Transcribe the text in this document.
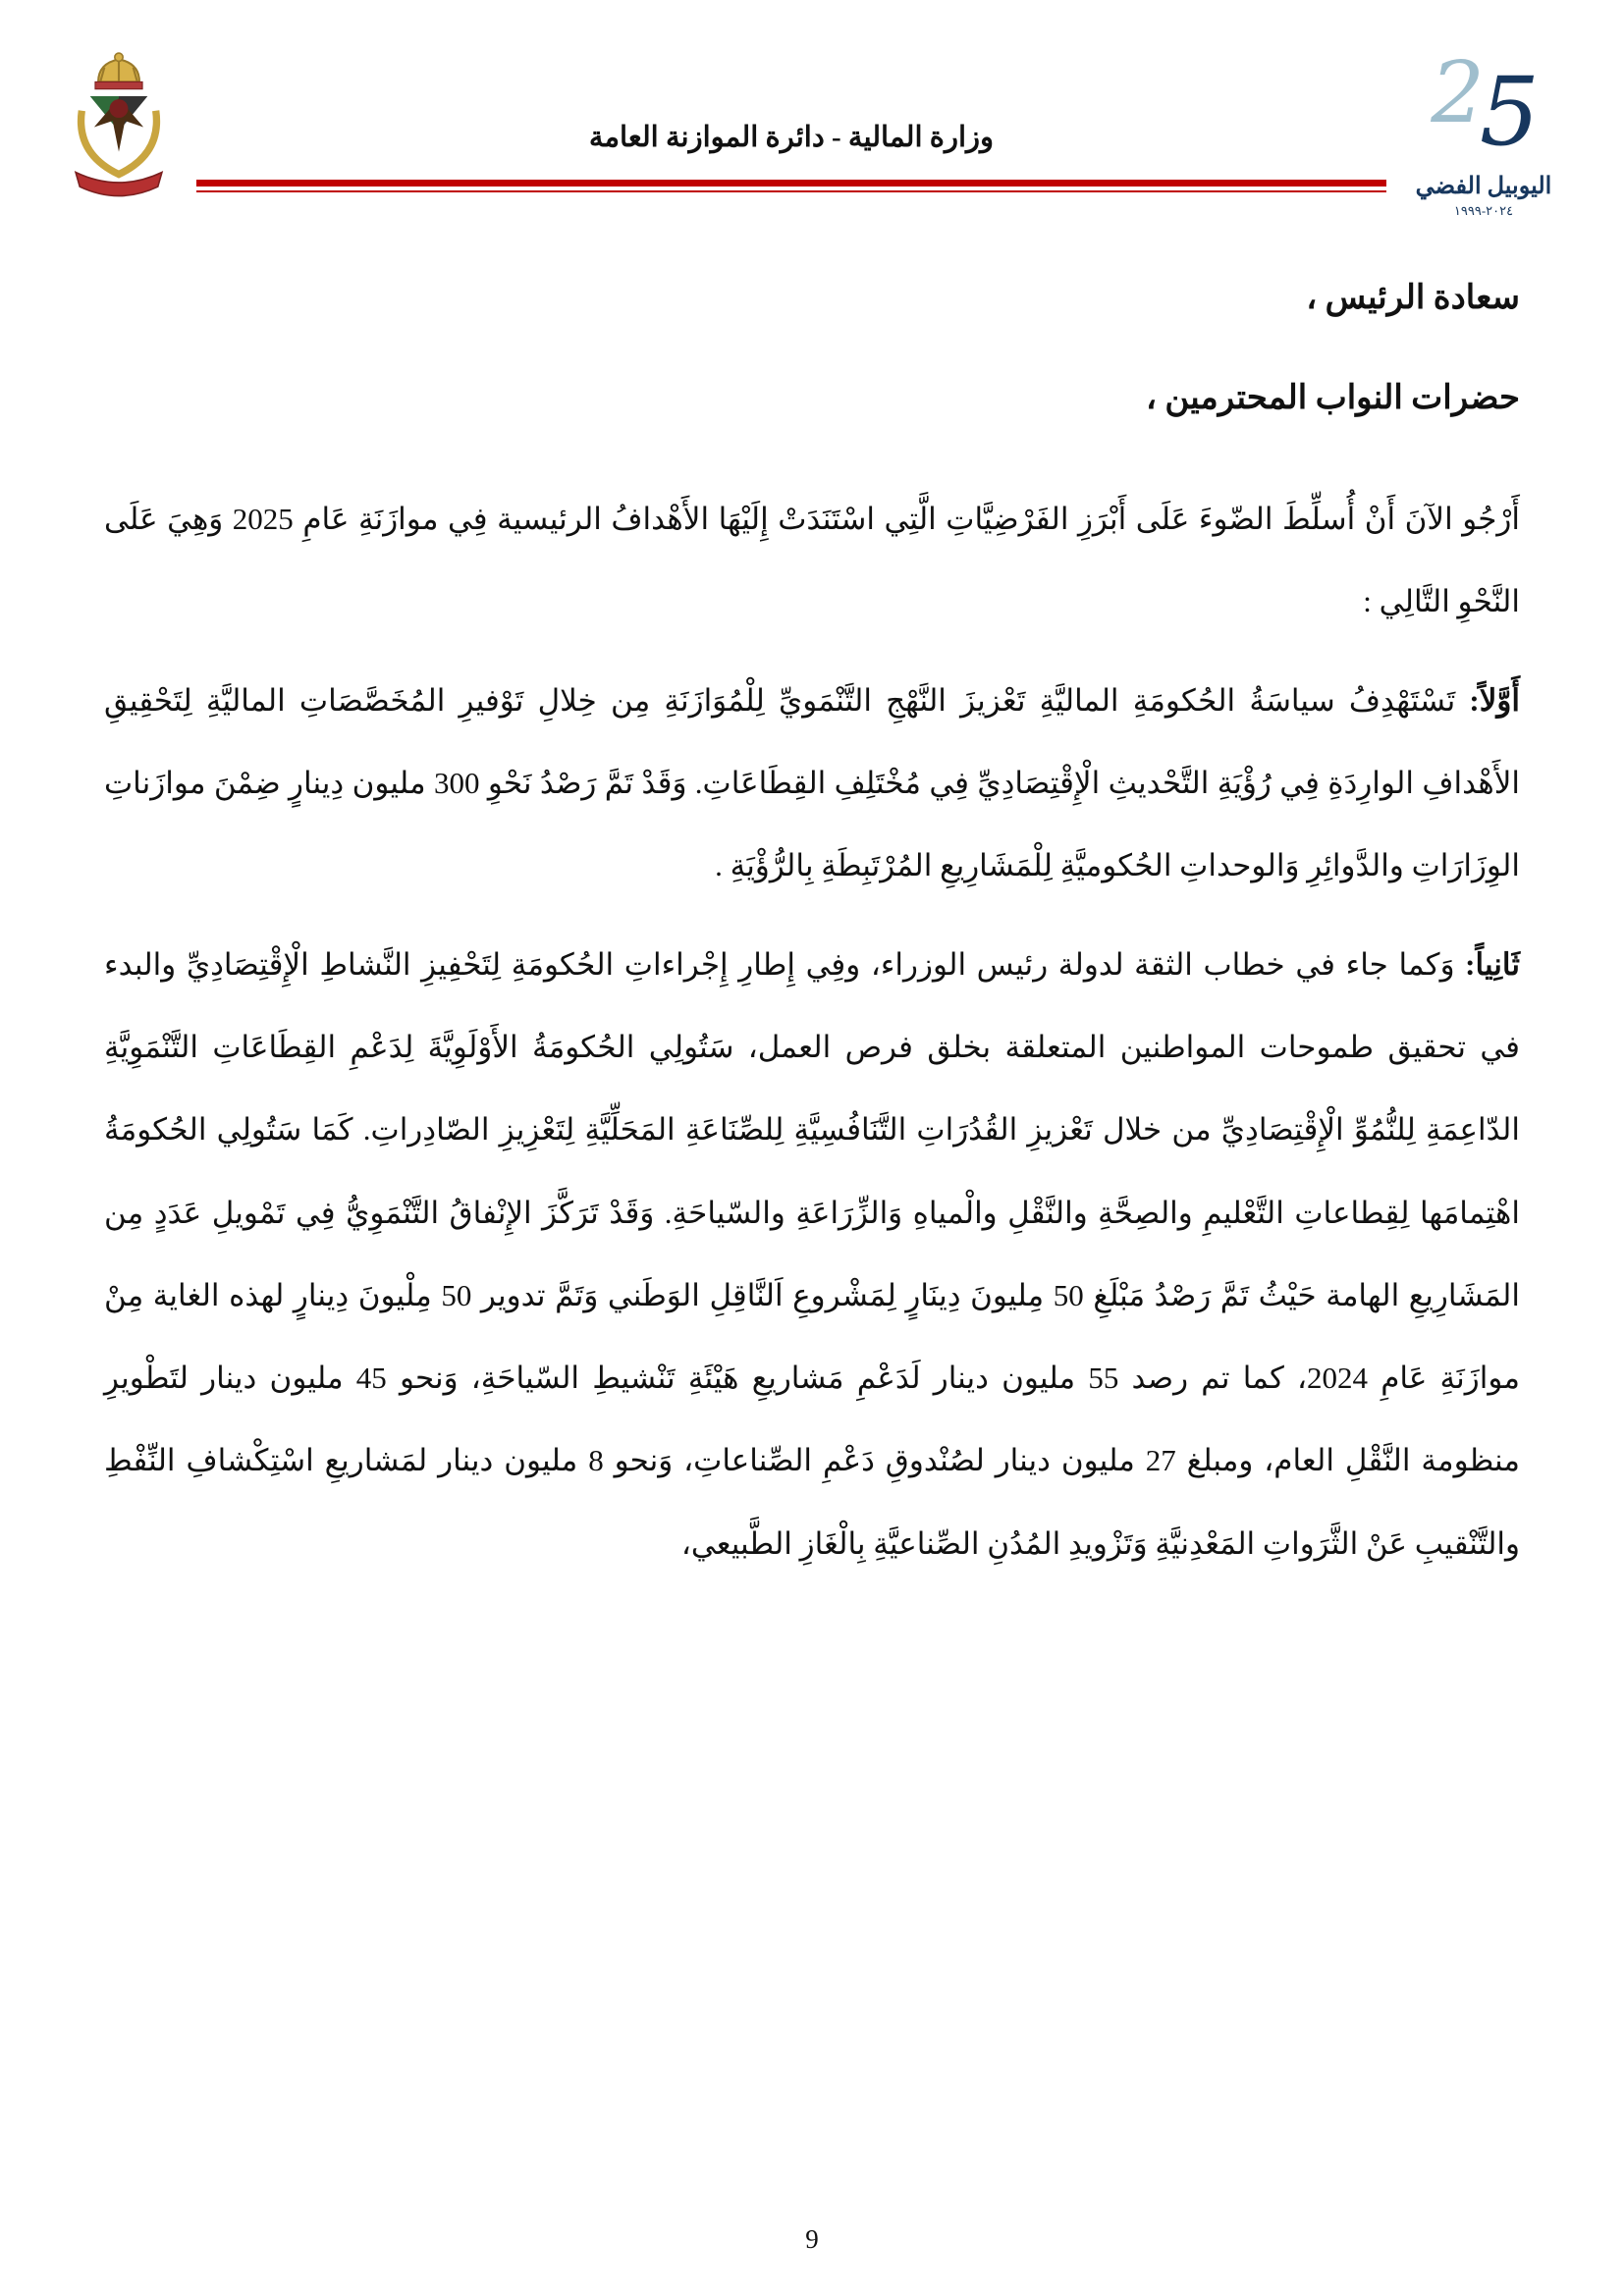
وزارة المالية - دائرة الموازنة العامة	2
5
اليوبيل الفضي
٢٠٢٤-١٩٩٩

سعادة الرئيس ،

حضرات النواب المحترمين ،

أَرْجُو الآنَ أَنْ أُسلِّطَ الضّوءَ عَلَى أَبْرَزِ الفَرْضِيَّاتِ الَّتِي اسْتَنَدَتْ إِلَيْهَا الأَهْدافُ الرئيسية فِي موازَنَةِ عَامِ 2025 وَهِيَ عَلَى النَّحْوِ التَّالِي :

أَوَّلاً: تَسْتَهْدِفُ سياسَةُ الحُكومَةِ الماليَّةِ تَعْزيزَ النَّهْجِ التَّنْمَويِّ لِلْمُوَازَنَةِ مِن خِلالِ تَوْفيرِ المُخَصَّصَاتِ الماليَّةِ لِتَحْقِيقِ الأَهْدافِ الوارِدَةِ فِي رُؤْيَةِ التَّحْديثِ الْإِقْتِصَادِيِّ فِي مُخْتَلِفِ القِطَاعَاتِ. وَقَدْ تَمَّ رَصْدُ نَحْوِ 300 مليون دِينارٍ ضِمْنَ موازَناتِ الوِزَارَاتِ والدَّوائِرِ وَالوحداتِ الحُكوميَّةِ لِلْمَشَارِيعِ المُرْتَبِطَةِ بِالرُّؤْيَةِ .

ثَانِياً: وَكما جاء في خطاب الثقة لدولة رئيس الوزراء، وفِي إِطارِ إِجْراءاتِ الحُكومَةِ لِتَحْفِيزِ النَّشاطِ الْإِقْتِصَادِيِّ والبدء في تحقيق طموحات المواطنين المتعلقة بخلق فرص العمل، سَتُولِي الحُكومَةُ الأَوْلَوِيَّةَ لِدَعْمِ القِطَاعَاتِ التَّنْمَوِيَّةِ الدّاعِمَةِ لِلنُّمُوِّ الْإِقْتِصَادِيِّ من خلال تَعْزيزِ القُدُرَاتِ التَّنَافُسِيَّةِ لِلصِّنَاعَةِ المَحَلِّيَّةِ لِتَعْزِيزِ الصّادِراتِ. كَمَا سَتُولِي الحُكومَةُ اهْتِمامَها لِقِطاعاتِ التَّعْليمِ والصِحَّةِ والنَّقْلِ والْمياهِ وَالزِّرَاعَةِ والسّياحَةِ. وَقَدْ تَرَكَّزَ الإِنْفاقُ التَّنْمَوِيُّ فِي تَمْويلِ عَدَدٍ مِن المَشَارِيعِ الهامة حَيْثُ تَمَّ رَصْدُ مَبْلَغِ 50 مِليونَ دِينَارٍ لِمَشْروعِ اَلنَّاقِلِ الوَطَني وَتَمَّ تدوير 50 مِلْيونَ دِينارٍ لهذه الغاية مِنْ موازَنَةِ عَامِ 2024، كما تم رصد 55 مليون دينار لَدَعْمِ مَشاريعِ هَيْئَةِ تَنْشيطِ السّياحَةِ، وَنحو 45 مليون دينار لتَطْويرِ منظومة النَّقْلِ العام، ومبلغ 27 مليون دينار لصُنْدوقِ دَعْمِ الصِّناعاتِ، وَنحو 8 مليون دينار لمَشاريعِ اسْتِكْشافِ النِّفْطِ والتَّنْقيبِ عَنْ الثَّرَواتِ المَعْدِنيَّةِ وَتَزْويدِ المُدُنِ الصِّناعيَّةِ بِالْغَازِ الطَّبيعي،

9
